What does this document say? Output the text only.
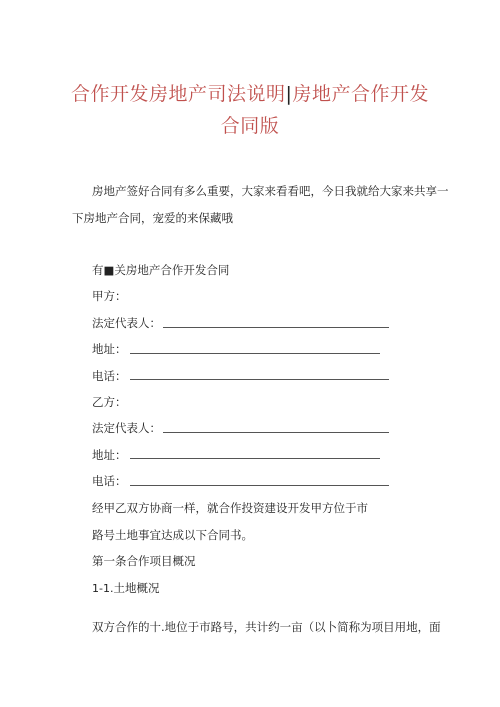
合作开发房地产司法说明|房地产合作开发
合同版
房地产签好合同有多么重要，大家来看看吧，今日我就给大家来共享一
下房地产合同，宠爱的来保藏哦
有■关房地产合作开发合同
甲方：
法定代表人：
地址：
电话：
乙方：
法定代表人：
地址：
电话：
经甲乙双方协商一样，就合作投资建设开发甲方位于市
路号土地事宜达成以下合同书。
第一条合作项目概况
1-1.土地概况
双方合作的十.地位于市路号，共计约一亩（以卜简称为项目用地，面
